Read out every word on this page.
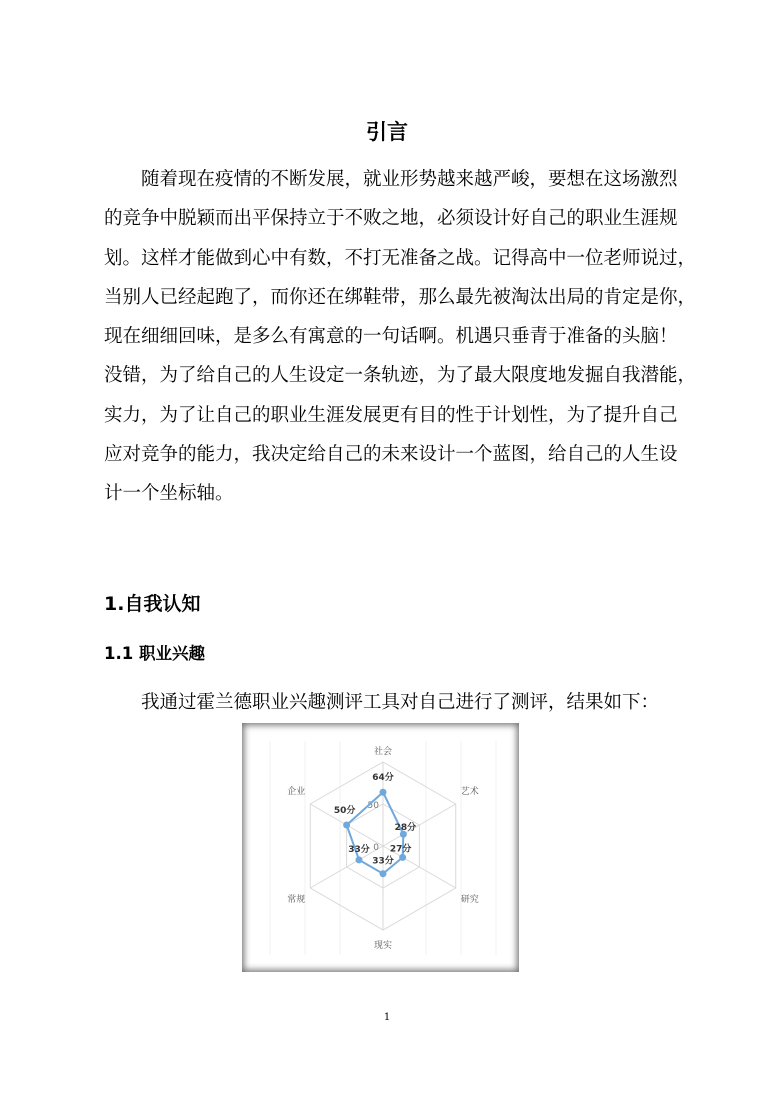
引言

随着现在疫情的不断发展，就业形势越来越严峻，要想在这场激烈
的竞争中脱颖而出平保持立于不败之地，必须设计好自己的职业生涯规
划。这样才能做到心中有数，不打无准备之战。记得高中一位老师说过，
当别人已经起跑了，而你还在绑鞋带，那么最先被淘汰出局的肯定是你，
现在细细回味，是多么有寓意的一句话啊。机遇只垂青于准备的头脑！
没错，为了给自己的人生设定一条轨迹，为了最大限度地发掘自我潜能，
实力，为了让自己的职业生涯发展更有目的性于计划性，为了提升自己
应对竞争的能力，我决定给自己的未来设计一个蓝图，给自己的人生设
计一个坐标轴。

1.自我认知
1.1 职业兴趣
我通过霍兰德职业兴趣测评工具对自己进行了测评，结果如下：
0
50
社会
艺术
研究
现实
常规
企业
64分
28分
27分
33分
33分
50分
1
